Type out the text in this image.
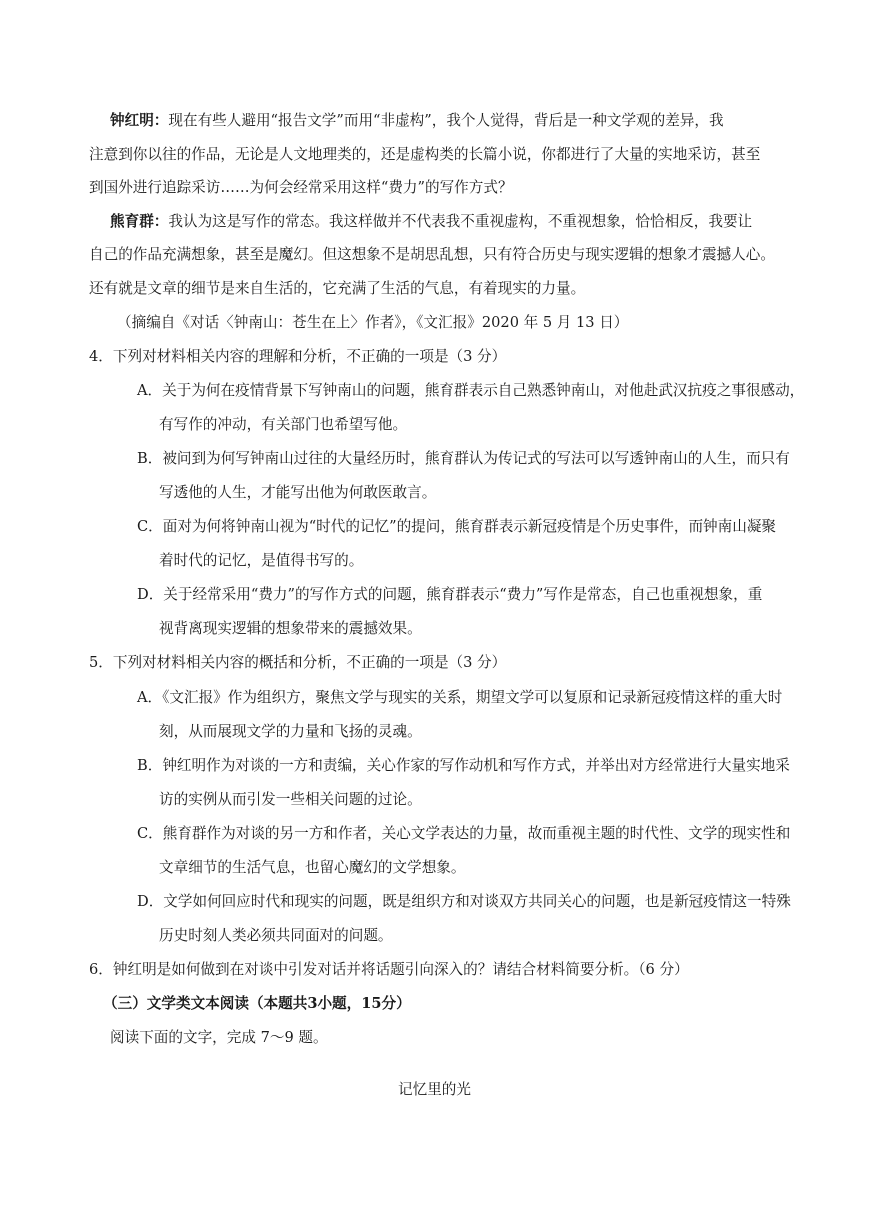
钟红明：现在有些人避用“报告文学”而用“非虚构”，我个人觉得，背后是一种文学观的差异，我
注意到你以往的作品，无论是人文地理类的，还是虚构类的长篇小说，你都进行了大量的实地采访，甚至
到国外进行追踪采访……为何会经常采用这样“费力”的写作方式？
熊育群：我认为这是写作的常态。我这样做并不代表我不重视虚构，不重视想象，恰恰相反，我要让
自己的作品充满想象，甚至是魔幻。但这想象不是胡思乱想，只有符合历史与现实逻辑的想象才震撼人心。
还有就是文章的细节是来自生活的，它充满了生活的气息，有着现实的力量。
（摘编自《对话〈钟南山：苍生在上〉作者》，《文汇报》2020 年 5 月 13 日）
4．下列对材料相关内容的理解和分析，不正确的一项是（3 分）
A．关于为何在疫情背景下写钟南山的问题，熊育群表示自己熟悉钟南山，对他赴武汉抗疫之事很感动，
有写作的冲动，有关部门也希望写他。
B．被问到为何写钟南山过往的大量经历时，熊育群认为传记式的写法可以写透钟南山的人生，而只有
写透他的人生，才能写出他为何敢医敢言。
C．面对为何将钟南山视为“时代的记忆”的提问，熊育群表示新冠疫情是个历史事件，而钟南山凝聚
着时代的记忆，是值得书写的。
D．关于经常采用“费力”的写作方式的问题，熊育群表示“费力”写作是常态，自己也重视想象，重
视背离现实逻辑的想象带来的震撼效果。
5．下列对材料相关内容的概括和分析，不正确的一项是（3 分）
A．《文汇报》作为组织方，聚焦文学与现实的关系，期望文学可以复原和记录新冠疫情这样的重大时
刻，从而展现文学的力量和飞扬的灵魂。
B．钟红明作为对谈的一方和责编，关心作家的写作动机和写作方式，并举出对方经常进行大量实地采
访的实例从而引发一些相关问题的过论。
C．熊育群作为对谈的另一方和作者，关心文学表达的力量，故而重视主题的时代性、文学的现实性和
文章细节的生活气息，也留心魔幻的文学想象。
D．文学如何回应时代和现实的问题，既是组织方和对谈双方共同关心的问题，也是新冠疫情这一特殊
历史时刻人类必须共同面对的问题。
6．钟红明是如何做到在对谈中引发对话并将话题引向深入的？请结合材料简要分析。（6 分）
（三）文学类文本阅读（本题共3小题，15分）
阅读下面的文字，完成 7～9 题。
记忆里的光
